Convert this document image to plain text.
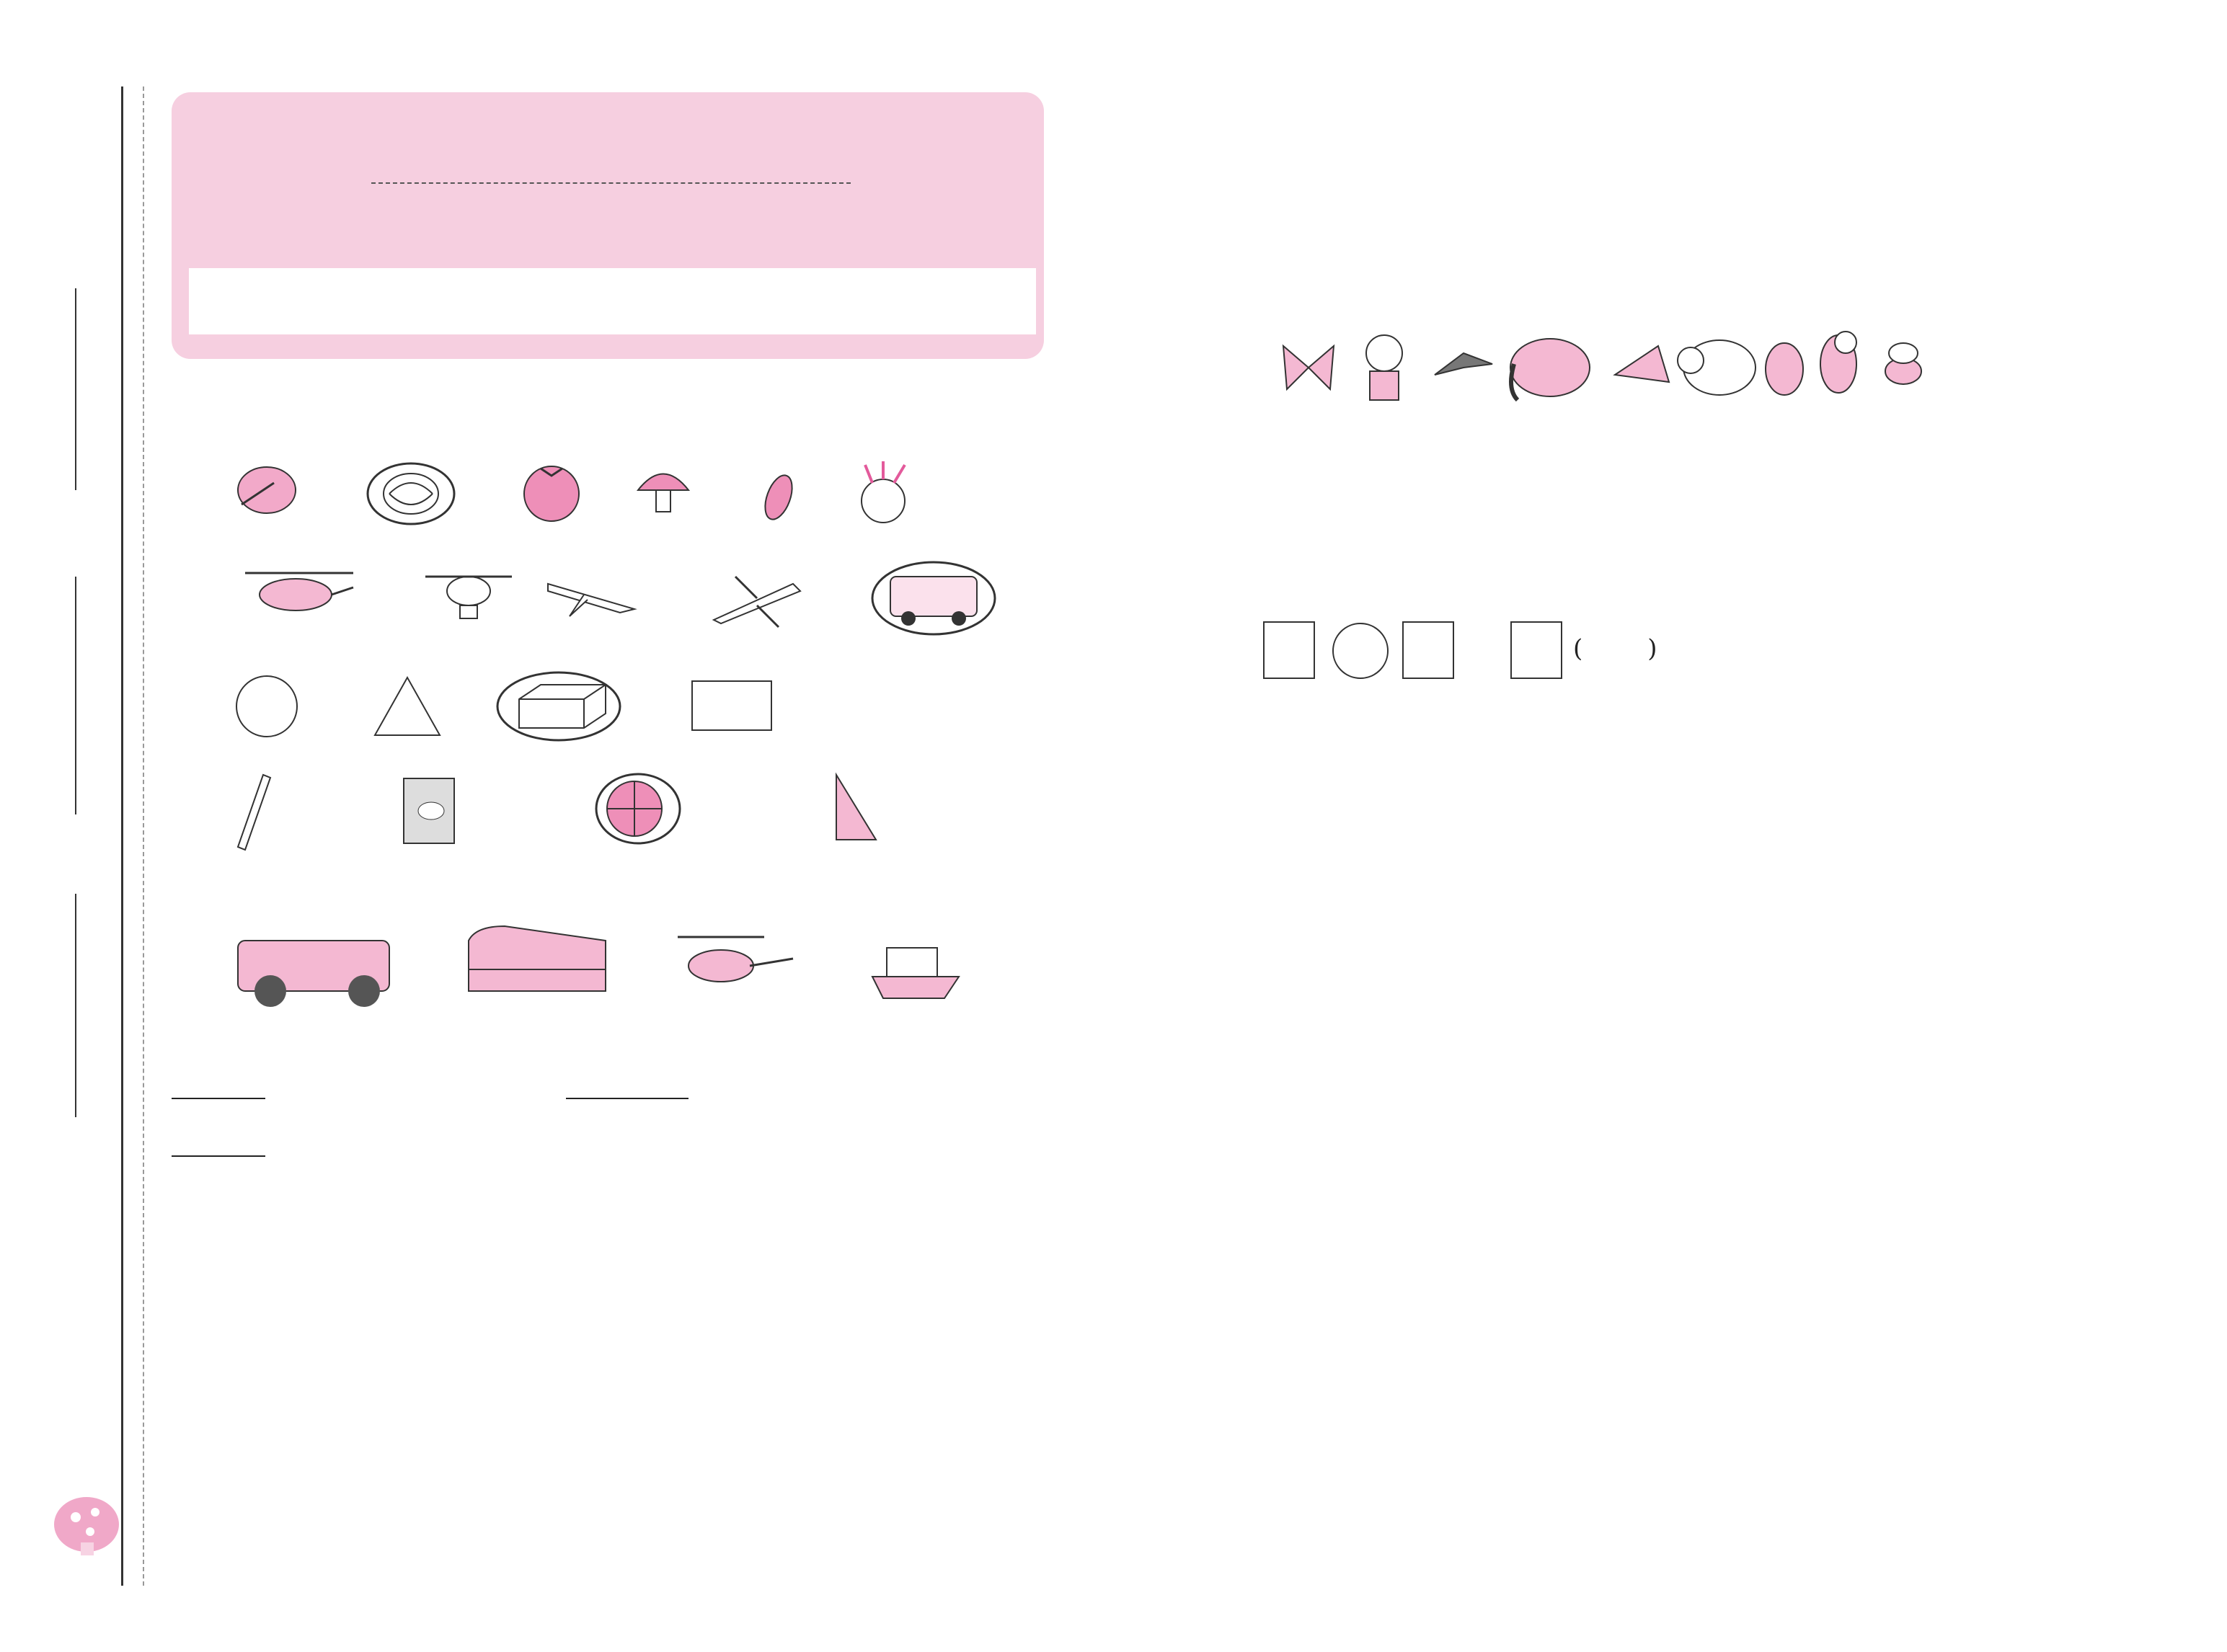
(	)
